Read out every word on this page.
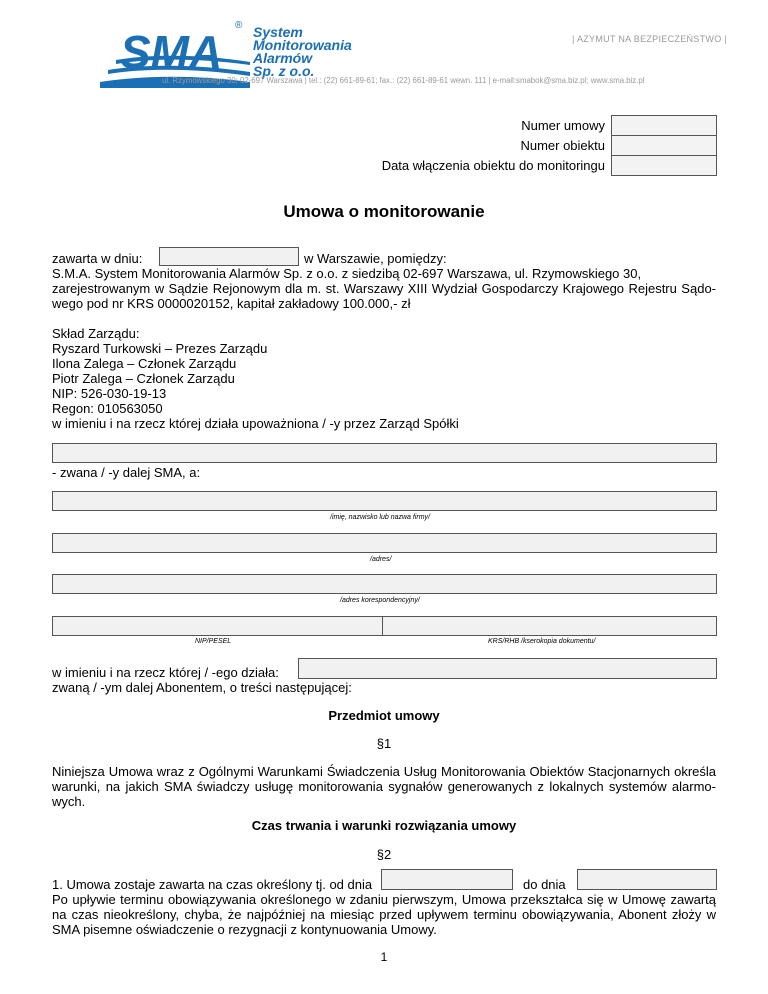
SMA
® System
Monitorowania
Alarmów
Sp. z o.o.
| AZYMUT NA BEZPIECZEŃSTWO |
ul. Rzymowskiego 30; 02-697 Warszawa | tel.: (22) 661-89-61; fax.: (22) 661-89-61 wewn. 111 | e-mail:smabok@sma.biz.pl; www.sma.biz.pl
Numer umowy
Numer obiektu
Data włączenia obiektu do monitoringu
Umowa o monitorowanie
zawarta w dniu:	w Warszawie, pomiędzy:
S.M.A. System Monitorowania Alarmów Sp. z o.o. z siedzibą 02-697 Warszawa, ul. Rzymowskiego 30,
zarejestrowanym w Sądzie Rejonowym dla m. st. Warszawy XIII Wydział Gospodarczy Krajowego Rejestru Sądo-
wego pod nr KRS 0000020152, kapitał zakładowy 100.000,- zł
Skład Zarządu:
Ryszard Turkowski – Prezes Zarządu
Ilona Zalega – Członek Zarządu
Piotr Zalega – Członek Zarządu
NIP: 526-030-19-13
Regon: 010563050
w imieniu i na rzecz której działa upoważniona / -y przez Zarząd Spółki
- zwana / -y dalej SMA, a:
/imię, nazwisko lub nazwa firmy/
/adres/
/adres korespondencyjny/
NIP/PESEL	KRS/RHB /kserokopia dokumentu/
w imieniu i na rzecz której / -ego działa:
zwaną / -ym dalej Abonentem, o treści następującej:
Przedmiot umowy
§1
Niniejsza Umowa wraz z Ogólnymi Warunkami Świadczenia Usług Monitorowania Obiektów Stacjonarnych określa
warunki, na jakich SMA świadczy usługę monitorowania sygnałów generowanych z lokalnych systemów alarmo-
wych.
Czas trwania i warunki rozwiązania umowy
§2
1. Umowa zostaje zawarta na czas określony tj. od dnia	do dnia
Po upływie terminu obowiązywania określonego w zdaniu pierwszym, Umowa przekształca się w Umowę zawartą
na czas nieokreślony, chyba, że najpóźniej na miesiąc przed upływem terminu obowiązywania, Abonent złoży w
SMA pisemne oświadczenie o rezygnacji z kontynuowania Umowy.
1
